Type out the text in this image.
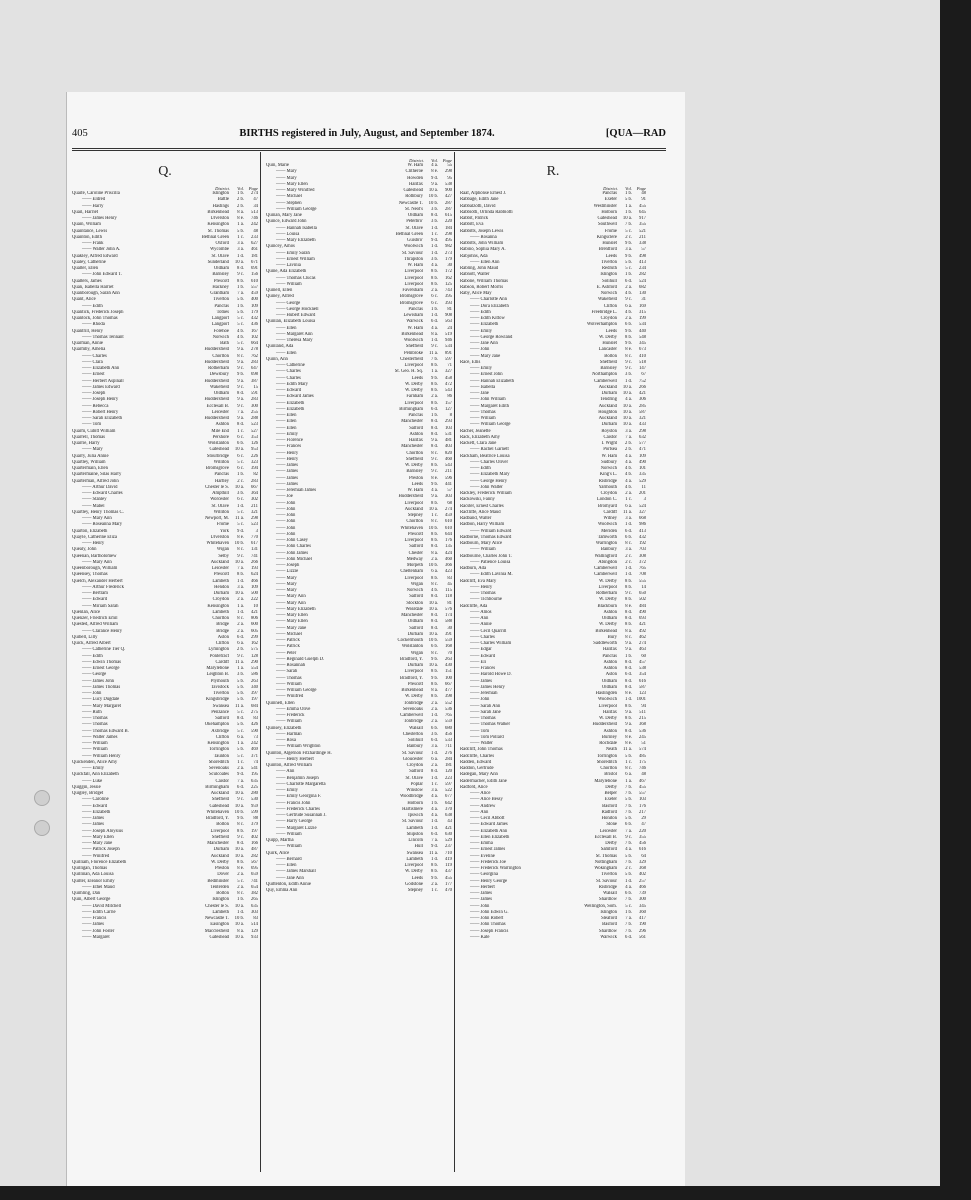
405	BIRTHS registered in July, August, and September 1874.	[QUA—RAD
Q.
District.	Vol.	Page
Quaife, Caroline Priscilla	Islington	1 b.	274
—— Eldred	Battle	2 b.	47
—— Harry	Hastings	2 b.	34
Quail, Harriet	Birkenhead	8 a.	513
—— James Henry	Ulverston	8 e.	746
Quain, William	Kensington	1 a.	242
Quaintance, Lewis	St. Thomas	5 b.	48
Quainton, Edith	Bethnal Green	1 c.	233
—— Frank	Oxford	3 a.	627
—— Walter John A.	Wycombe	3 a.	461
Quakley, Alfred Edward	St. Olave	1 d.	181
Qualey, Catherine	Sunderland	10 a.	671
Qualter, Ellen	Oldham	8 d.	691
—— John Edward T.	Barnsley	9 c.	156
Qualters, James	Prescott	8 b.	610
Quan, Isabella Harriet	Hackney	1 b.	557
Quanborough, Sarah Ann	Grantham	7 a.	459
Quant, Alice	Tiverton	5 b.	400
—— Edith	Pancras	1 b.	109
Quantick, Frederick Joseph	Totnes	5 b.	179
Quantock, John Thomas	Langport	5 c.	432
—— Rhoda	Langport	5 c.	436
Quantrill, Henry	Forehoe	4 b.	167
—— Thomas Tennant	Norwich	4 b.	102
Quarman, Annie	Bath	5 c.	664
Quarmby, Amelia	Huddersfield	9 a.	278
—— Charles	Chorlton	8 c.	762
—— Clara	Huddersfield	9 a.	283
—— Elizabeth Ann	Rotherham	9 c.	647
—— Ernest	Dewsbury	9 b.	698
—— Herbert Aspinall	Huddersfield	9 a.	387
—— James Edward	Wakefield	9 c.	15
—— Joseph	Oldham	8 d.	591
—— Joseph Henry	Huddersfield	9 a.	283
—— Rebecca	Ecclesall B.	9 c.	300
—— Robert Henry	Leicester	7 a.	255
—— Sarah Elizabeth	Huddersfield	9 a.	288
—— Tom	Ashton	8 d.	523
Quarm, Cubitt William	Mile End	1 c.	527
Quarrell, Thomas	Pershore	6 c.	353
Quarrie, Harry	Wolstanton	6 b.	126
—— Mary	Gateshead	10 a.	953
Quarry, Julia Annie	Stourbridge	6 c.	226
Quartley, William	Williton	5 c.	323
Quartermain, Ellen	Bromsgrove	6 c.	394
Quartermaine, Silas Harry	Pancras	1 b.	82
Quarterman, Alfred John	Hartley	2 c.	283
—— Arthur David	Chester le S.	10 a.	667
—— Edward Charles	Ampthill	3 b.	364
—— Stanley	Worcester	6 c.	302
—— Mabel	St. Olave	1 d.	211
Quartley, Henry Thomas C.	Williton	5 c.	321
—— Mary Ann	Newport, M.	11 a.	298
—— Roseanna Mary	Frome	5 c.	523
Quarton, Elizabeth	York	9 d.	3
Quayle, Catherine Eliza	Ulverston	8 e.	770
—— Henry	Whitehaven	10 b.	617
Quealy, John	Wigan	8 c.	131
Queenan, Bartholomew	Selby	9 c.	741
—— Mary Ann	Auckland	10 a.	266
Queenborough, William	Leicester	7 a.	193
Queensey, Thomas	Prescott	8 b.	624
Quelch, Alexander Herbert	Lambeth	1 d.	466
—— Arthur Frederick	Hendon	3 a.	109
—— Bertram	Durham	10 a.	500
—— Edward	Croydon	2 a.	222
—— Miriam Sarah	Kensington	1 a.	10
Quenlan, Alice	Lambeth	1 d.	421
Quenzer, Friedrich Emil	Chorlton	8 c.	806
Quested, Alfred William	Bridge	2 a.	600
—— Clarance Henry	Bridge	2 a.	605
Quibell, Lilly	Aston	6 d.	299
Quick, Alfred Albert	Clifton	6 a.	162
—— Catherine Tier Q.	Lymington	2 b.	575
—— Edith	Pontefract	9 c.	128
—— Edwin Thomas	Cardiff	11 a.	290
—— Ernest George	Marylebone	1 a.	554
—— George	Leighton B.	3 b.	586
—— James John	Plymouth	5 b.	263
—— James Thomas	Tavistock	5 b.	340
—— John	Tiverton	5 b.	397
—— Lucy Dugdale	Kingsbridge	5 b.	197
—— Mary Margaret	Swansea	11 a.	684
—— Ruth	Penzance	5 c.	275
—— Thomas	Salford	8 d.	83
—— Thomas	Okehampton	5 b.	426
—— Thomas Edward B.	Axbridge	5 c.	590
—— Walter James	Clifton	6 a.	73
—— William	Kensington	1 a.	242
—— William	Torrington	5 b.	469
—— William Henry	Taunton	5 c.	371
Quickenden, Alice Amy	Shoreditch	1 c.	74
—— Emily	Sevenoaks	2 a.	541
Quickfall, Ann Elizabeth	Sculcoates	9 d.	195
—— Luke	Caistor	7 a.	635
Quiggin, Jessie	Birmingham	6 d.	225
Quigley, Bridget	Auckland	10 a.	280
—— Caroline	Sheffield	9 c.	530
—— Edward	Gateshead	10 a.	959
—— Elizabeth	Whitehaven	10 b.	599
—— James	Bradford, Y.	9 b.	88
—— James	Bolton	8 c.	379
—— Joseph Aloysius	Liverpool	8 b.	197
—— Mary Ellen	Sheffield	9 c.	402
—— Mary Jane	Manchester	8 d.	166
—— Patrick Joseph	Durham	10 a.	487
—— Winifred	Auckland	10 a.	282
Quilliam, Florence Elizabeth	W. Derby	8 b.	567
Quilligan, Thomas	Preston	8 e.	695
Quillinan, Ada Louisa	Dover	2 a.	659
Quilter, Eleanor Emily	Bedminster	5 c.	741
—— Ethel Maud	Tenterden	2 a.	654
Quimling, Dan	Bolton	8 c.	382
Quin, Albert George	Islington	1 b.	265
—— David Mitchell	Chester le S.	10 a.	635
—— Edith Carrie	Lambeth	1 d.	303
—— Francis	Newcastle T.	10 b.	83
—— James	Easington	10 a.	514
—— John Foster	Macclesfield	8 a.	129
—— Margaret	Gateshead	10 a.	933
District.	Vol.	Page
Quin, Marie	W. Ham	4 a.	55
—— Mary	Clitheroe	8 e.	298
—— Mary	Howden	9 d.	95
—— Mary Ellen	Halifax	9 a.	538
—— Mary Winifred	Gateshead	10 a.	900
—— Michael	Rothbury	10 b.	427
—— Stephen	Newcastle T.	10 b.	287
—— William George	St. Neot's	3 b.	287
Quinan, Mary Jane	Oldham	8 d.	615
Quince, Edward John	Peterbro'	3 b.	220
—— Hannah Isabella	St. Olave	1 d.	184
—— Louisa	Bethnal Green	1 c.	298
—— Mary Elizabeth	Guisbro'	9 d.	495
Quincey, Amos	Woolwich	1 d.	982
—— Emily Sarah	St. Saviour	1 d.	273
—— Ernest William	Thrapston	3 b.	179
—— Lavinia	W. Ham	4 a.	30
Quine, Ada Elizabeth	Liverpool	8 b.	172
—— Thomas Clucas	Liverpool	8 b.	162
—— William	Liverpool	8 b.	125
Quinell, Ellen	Faversham	2 a.	743
Quiney, Alfred	Bromsgrove	6 c.	395
—— George	Bromsgrove	6 c.	393
—— George Hocknell	Pancras	1 b.	81
—— Hubert Edward	Lewisham	1 d.	908
Quinlan, Elizabeth Louisa	Warwick	6 d.	563
—— Ellen	W. Ham	4 a.	24
—— Margaret Ann	Birkenhead	8 a.	519
—— Theresa Mary	Woolwich	1 d.	946
Quinland, Ada	Sheffield	9 c.	534
—— Ellen	Pembroke	11 a.	891
Quinn, Ann	Chesterfield	7 b.	597
—— Catherine	Liverpool	8 b.	71
—— Charles	St. Geo. H. Sq.	1 a.	327
—— Charles	Leeds	9 b.	458
—— Edith Mary	W. Derby	8 b.	472
—— Edward	W. Derby	8 b.	543
—— Edward James	Farnham	2 a.	86
—— Elizabeth	Liverpool	8 b.	157
—— Elizabeth	Birmingham	6 d.	127
—— Ellen	Pancras	1 b.	8
—— Ellen	Manchester	8 d.	293
—— Ellen	Salford	8 d.	103
—— Emily	Ashton	8 d.	531
—— Florence	Halifax	9 a.	481
—— Frances	Manchester	8 d.	403
—— Henry	Chorlton	8 c.	820
—— Henry	Sheffield	9 c.	460
—— James	W. Derby	8 b.	543
—— James	Barnsley	9 c.	211
—— James	Preston	8 e.	596
—— James	Leeds	9 b.	441
—— Jeremiah James	W. Ham	4 a.	57
—— Joe	Huddersfield	9 a.	303
—— John	Liverpool	8 b.	68
—— John	Auckland	10 a.	274
—— John	Stepney	1 c.	459
—— John	Chorlton	8 c.	610
—— John	Whitehaven	10 b.	610
—— John	Prescott	8 b.	644
—— John Casey	Liverpool	8 b.	176
—— John Charles	Salford	8 d.	135
—— John James	Chester	8 a.	424
—— John Michael	Medway	2 a.	460
—— Joseph	Morpeth	10 b.	366
—— Lizzie	Cheltenham	6 a.	423
—— Mary	Liverpool	8 b.	83
—— Mary	Wigan	8 c.	45
—— Mary	Norwich	4 b.	115
—— Mary Ann	Salford	8 d.	118
—— Mary Ann	Stockton	10 a.	81
—— Mary Elizabeth	Weardale	10 a.	576
—— Mary Ellen	Manchester	8 d.	174
—— Mary Ellen	Oldham	8 d.	588
—— Mary Jane	Salford	8 d.	30
—— Michael	Durham	10 a.	391
—— Patrick	Cockermouth	10 b.	559
—— Patrick	Wolstanton	6 b.	168
—— Peter	Wigan	8 c.	70
—— Reginald Guelph D.	Bradford, Y.	9 b.	263
—— Rosannah	Durham	10 a.	430
—— Sarah	Liverpool	8 b.	151
—— Thomas	Bradford, Y.	9 b.	100
—— William	Prescott	8 b.	667
—— William George	Birkenhead	8 a.	477
—— Winifred	W. Derby	8 b.	398
Quinnell, Ellen	Tonbridge	2 a.	552
—— Emma Olive	Sevenoaks	2 a.	536
—— Frederick	Camberwell	1 d.	765
—— William	Tonbridge	2 a.	559
Quinsey, Elizabeth	Walsall	6 b.	680
—— Harman	Chesterton	3 b.	456
—— Rosa	Solihull	6 d.	533
—— William Wrighton	Banbury	3 a.	711
Quinton, Algernon Fitzhardinge H.	St. Saviour	1 d.	276
—— Henry Herbert	Gloucester	6 a.	284
Quinton, Alfred William	Croydon	2 a.	181
—— Ann	Salford	8 d.	120
—— Benjamin Joseph	St. Olave	1 d.	223
—— Charlotte Margaretta	Poplar	1 c.	597
—— Emily	Winslow	3 a.	522
—— Emily Georgina F.	Woodbridge	4 a.	677
—— Francis John	Holborn	1 b.	642
—— Frederick Charles	Hartismere	4 a.	370
—— Gertrude Susannah J.	Ipswich	4 a.	638
—— Harry George	St. Saviour	1 d.	43
—— Margaret Lizzie	Lambeth	1 d.	421
—— William	Shipston	6 d.	630
Quipp, Martha	Lincoln	7 a.	529
—— William	Hull	9 d.	237
Quirk, Alice	Swansea	11 a.	710
—— Bernard	Lambeth	1 d.	419
—— Ellen	Liverpool	8 b.	119
—— James Marshall	W. Derby	8 b.	437
—— Jane Ann	Leeds	9 b.	455
Quittenton, Edith Annie	Godstone	2 a.	177
Quy, Emma Ann	Stepney	1 c.	470
R.
District.	Vol.	Page
Raaf, Alphonse Ernest J.	Pancras	1 b.	48
Rabbage, Edith Jane	Exeter	5 b.	91
Rabbalzotti, David	Westminster	1 a.	455
Rabbiotti, Orlinda Rabbiotti	Holborn	1 b.	645
Rabbit, Patrick	Gateshead	10 a.	917
Rabbitt, Eva	Southwell	7 b.	355
Rabbitts, Joseph Lewis	Frome	5 c.	521
—— Rosanna	Kingsclere	2 c.	211
Rabbitts, John William	Hunslet	9 b.	338
Rabino, Sophia Mary A.	Brentford	3 a.	57
Rabjohns, Ada	Leeds	9 b.	498
—— Ellen Ann	Tiverton	5 b.	413
Rabling, John Maud	Redruth	5 c.	234
Rabnott, Walter	Islington	1 b.	282
Rabone, William Thomas	Solihull	6 d.	524
Rabson, Robert Morris	E. Ashford	2 a.	682
Raby, Alice May	Norwich	4 b.	130
—— Charlotte Ann	Wakefield	9 c.	31
—— Dora Elizabeth	Clifton	6 a.	169
—— Edith	Freebridge L.	4 b.	315
—— Edith Kittow	Croydon	2 a.	199
—— Elizabeth	Wolverhampton	6 b.	534
—— Emily	Leeds	9 b.	440
—— George Rowland	W. Derby	8 b.	548
—— Jane Ann	Hunslet	9 b.	345
—— John	Lancaster	8 e.	673
—— Mary Jane	Bolton	8 c.	410
Race, Ellis	Sheffield	9 c.	518
—— Emily	Barnsley	9 c.	147
—— Ernest John	Northampton	3 b.	67
—— Hannah Elizabeth	Camberwell	1 d.	752
—— Isabella	Auckland	10 a.	266
—— Jane	Durham	10 a.	421
—— John William	Tendring	4 a.	306
—— Margaret Edith	Auckland	10 a.	285
—— Thomas	Houghton	10 a.	587
—— William	Auckland	10 a.	321
—— William George	Durham	10 a.	433
Racher, Jeanette	Royston	3 a.	298
Rack, Elizabeth Amy	Caistor	7 a.	632
Rackett, Clara Jane	I. Wight	2 b.	577
—— Rachel Garnett	Portsea	2 b.	471
Rackham, Beatrice Louisa	W. Ham	4 a.	109
—— Charles Oliver	Sudbury	4 a.	490
—— Edith	Norwich	4 b.	101
—— Elizabeth Mary	King's L.	4 b.	335
—— George Henry	Risbridge	4 a.	529
—— John Walter	Yarmouth	4 b.	11
Rackley, Frederick William	Croydon	2 a.	201
Rackowski, Fanny	London C.	1 c.	3
Racster, Ernest Charles	Bromyard	6 a.	524
Ractliffe, Alice Maud	Cardiff	11 a.	327
Radband, Walter	Witney	3 a.	668
Radbon, Harry William	Woolwich	1 d.	986
—— William Edward	Meriden	6 d.	413
Radborne, Thomas Edward	Tamworth	6 b.	432
Radbourn, Mary Alice	Warrington	8 c.	192
—— William	Banbury	3 a.	703
Radbourne, Charles John T.	Wallingford	2 c.	308
—— Patience Louisa	Abingdon	2 c.	372
Radburn, Ada	Camberwell	1 d.	765
—— Edith Lavinia M.	Camberwell	1 d.	708
Radcliff, Eva Mary	W. Derby	8 b.	555
—— Henry	Liverpool	8 b.	14
—— Thomas	Rotherham	9 c.	650
—— Tichbourne	W. Derby	8 b.	502
Radcliffe, Ada	Blackburn	8 e.	484
—— Amos	Ashton	8 d.	490
—— Ann	Oldham	8 d.	693
—— Annie	W. Derby	8 b.	421
—— Cecil Quarrill	Birkenhead	8 a.	492
—— Charles	Bury	8 c.	462
—— Charles William	Saddleworth	9 a.	274
—— Edgar	Halifax	9 a.	463
—— Edward	Pancras	1 b.	60
—— Eli	Ashton	8 d.	457
—— Frances	Ashton	8 d.	538
—— Harold Howe D.	Aston	6 d.	354
—— James	Oldham	8 d.	616
—— James Henry	Oldham	8 d.	587
—— Jeremiah	Haslingden	8 e.	123
—— John	Woolwich	1 d. 1001
—— Sarah Ann	Liverpool	8 b.	94
—— Sarah Jane	Halifax	9 a.	511
—— Thomas	W. Derby	8 b.	215
—— Thomas Walker	Huddersfield	9 a.	368
—— Tom	Ashton	8 d.	536
—— Tom Pollard	Burnley	8 e.	245
—— Walter	Rochdale	8 e.	51
Radcliff, John Thomas	Neath	11 a.	574
Radcliffe, Charles	Torrington	5 b.	485
Radden, Edward	Shoreditch	1 c.	175
Raddon, Gertrude	Chorlton	8 c.	746
Radegan, Mary Ann	Bristol	6 a.	48
Radermacher, Edith Jane	Marylebone	1 a.	467
Radford, Alice	Derby	7 b.	455
—— Alice	Belper	7 b.	557
—— Alice Bessy	Exeter	5 b.	103
—— Andrew	Basford	7 b.	176
—— Ann	Radford	7 b.	217
—— Cecil Abbott	Honiton	5 b.	29
—— Edward James	Stone	6 b.	47
—— Elizabeth Ann	Leicester	7 a.	220
—— Ellen Elizabeth	Ecclesall B.	9 c.	355
—— Emma	Derby	7 b.	456
—— Ernest James	Samford	4 a.	616
—— Eveline	St. Thomas	5 b.	64
—— Frederick Joe	Nottingham	7 b.	329
—— Frederick Warrington	Wokingham	2 c.	368
—— Georgina	Tiverton	5 b.	402
—— Henry George	St. Saviour	1 d.	257
—— Herbert	Risbridge	4 a.	466
—— James	Walsall	6 b.	739
—— James	Shardlow	7 b.	300
—— John	Wellington, Som.	5 c.	345
—— John Edwin G.	Islington	1 b.	360
—— John Robert	Sleaford	7 a.	417
—— John Thomas	Basford	7 b.	190
—— Joseph Francis	Shardlow	7 b.	296
—— Kate	Warwick	6 d.	561
